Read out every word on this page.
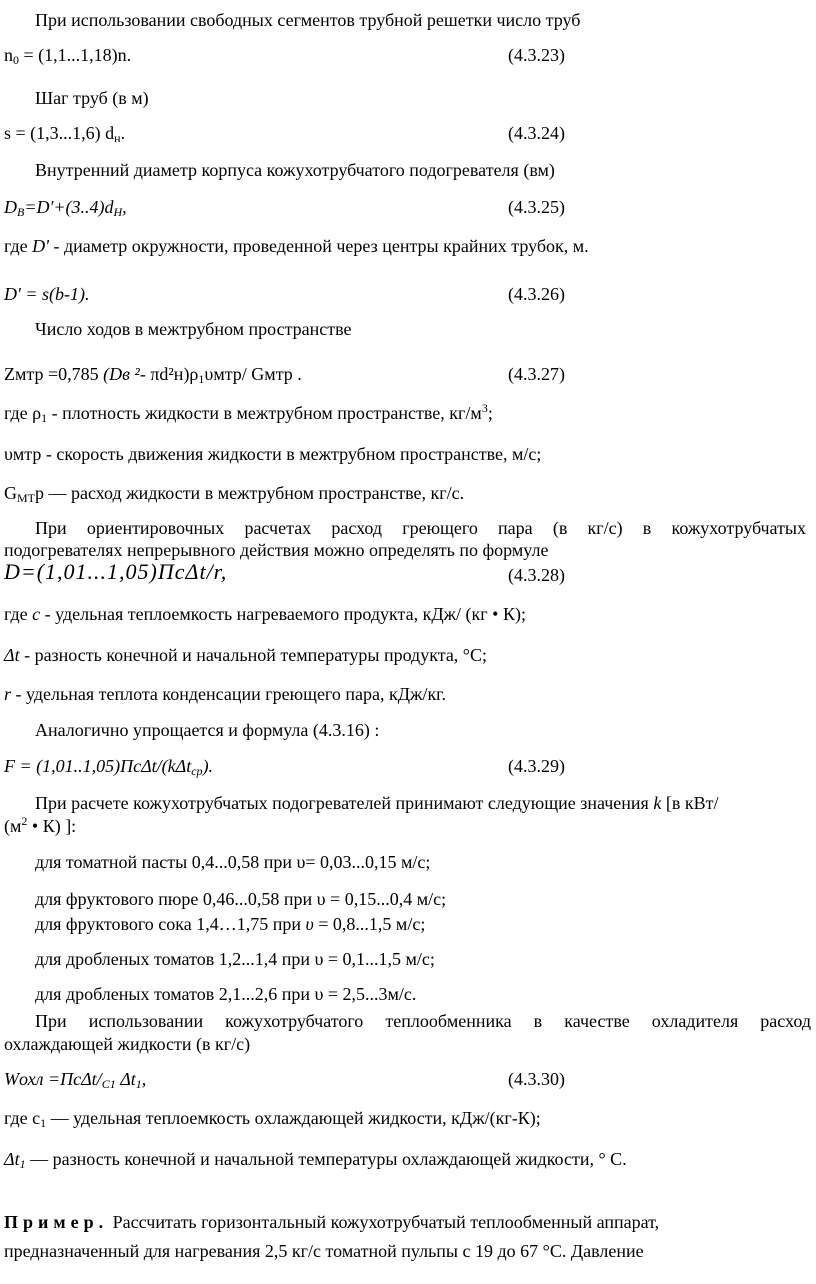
При использовании свободных сегментов трубной решетки число труб
$n_0 = (1,1...1,18)n$.	(4.3.23)
Шаг труб (в м)
s = (1,3...1,6) $d_н$.	(4.3.24)
Внутренний диаметр корпуса кожухотрубчатого подогревателя (вм)
$D_B=D'+(3..4)d_H$,	(4.3.25)
где D' - диаметр окружности, проведенной через центры крайних трубок, м.
D' = s(b-1).	(4.3.26)
Число ходов в межтрубном пространстве
Zмтр =0,785 (Dв ²- $\pi d^2н)\rho_1\upsilon мтр/$ Gмтр .	(4.3.27)
где $\rho_1$ - плотность жидкости в межтрубном пространстве, $кг/м^3$;
υмтр - скорость движения жидкости в межтрубном пространстве, м/с;
$G_{МТ}р$ — расход жидкости в межтрубном пространстве, кг/с.
При ориентировочных расчетах расход греющего пара (в кг/с) в кожухотрубчатых
подогревателях непрерывного действия можно определять по формуле
D=(1,01...1,05)ПсΔt/r,	(4.3.28)
где c - удельная теплоемкость нагреваемого продукта, кДж/ (кг • К);
Δt - разность конечной и начальной температуры продукта, °С;
r - удельная теплота конденсации греющего пара, кДж/кг.
Аналогично упрощается и формула (4.3.16) :
F = (1,01..1,05)ПсΔt/(kΔt$_{ср}$).	(4.3.29)
При расчете кожухотрубчатых подогревателей принимают следующие значения k [в кВт/
($м^2$ • К) ]:
для томатной пасты 0,4...0,58 при υ= 0,03...0,15 м/с;
для фруктового пюре 0,46...0,58 при υ = 0,15...0,4 м/с;
для фруктового сока 1,4…1,75 при υ = 0,8...1,5 м/с;
для дробленых томатов 1,2...1,4 при υ = 0,1...1,5 м/с;
для дробленых томатов 2,1...2,6 при υ = 2,5...3м/с.
При использовании кожухотрубчатого теплообменника в качестве охладителя расход
охлаждающей жидкости (в кг/с)
Wохл $=Пс\Delta t/_{C1}$ $\Delta t_1$,	(4.3.30)
где $с_1$ — удельная теплоемкость охлаждающей жидкости, кДж/(кг-К);
$\Delta t_1$ — разность конечной и начальной температуры охлаждающей жидкости, ° С.
Пример. Рассчитать горизонтальный кожухотрубчатый теплообменный аппарат,
предназначенный для нагревания 2,5 кг/с томатной пульпы с 19 до 67 °С. Давление
